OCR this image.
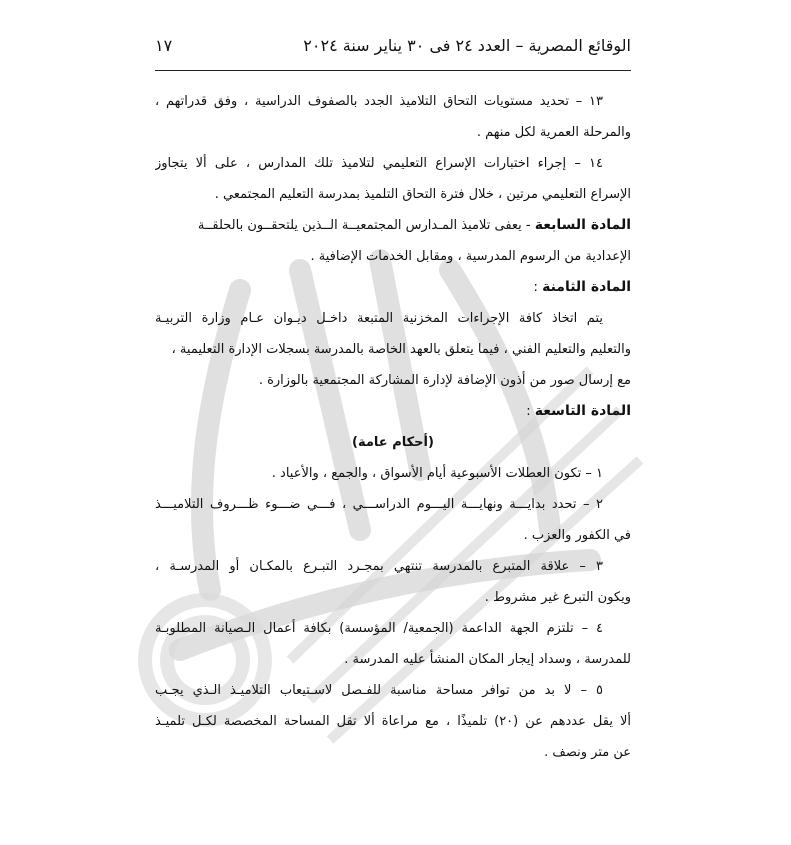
الوقائع المصرية – العدد ٢٤ فى ٣٠ يناير سنة ٢٠٢٤
١٧
١٣ – تحديد مستويات التحاق التلاميذ الجدد بالصفوف الدراسية ، وفق قدراتهم ،
والمرحلة العمرية لكل منهم .
١٤ – إجراء اختبارات الإسراع التعليمي لتلاميذ تلك المدارس ، على ألا يتجاوز
الإسراع التعليمي مرتين ، خلال فترة التحاق التلميذ بمدرسة التعليم المجتمعي .
المادة السابعة - يعفى تلاميذ المـدارس المجتمعيــة الــذين يلتحقــون بالحلقــة
الإعدادية من الرسوم المدرسية ، ومقابل الخدمات الإضافية .
المادة الثامنة :
يتم اتخاذ كافة الإجراءات المخزنية المتبعة داخـل ديـوان عـام وزارة التربيـة
والتعليم والتعليم الفني ، فيما يتعلق بالعهد الخاصة بالمدرسة بسجلات الإدارة التعليمية ،
مع إرسال صور من أذون الإضافة لإدارة المشاركة المجتمعية بالوزارة .
المادة التاسعة :
(أحكام عامة)
١ – تكون العطلات الأسبوعية أيام الأسواق ، والجمع ، والأعياد .
٢ – تحدد بدايـــة ونهايـــة اليـــوم الدراســـي ، فـــي ضـــوء ظـــروف التلاميـــذ
في الكفور والعزب .
٣ – علاقة المتبرع بالمدرسة تنتهي بمجـرد التبـرع بالمكـان أو المدرسـة ،
ويكون التبرع غير مشروط .
٤ – تلتزم الجهة الداعمة (الجمعية/ المؤسسة) بكافة أعمال الـصيانة المطلوبـة
للمدرسة ، وسداد إيجار المكان المنشأ عليه المدرسة .
٥ – لا بد من توافر مساحة مناسبة للفـصل لاسـتيعاب التلاميـذ الـذي يجـب
ألا يقل عددهم عن (٢٠) تلميذًا ، مع مراعاة ألا تقل المساحة المخصصة لكـل تلميـذ
عن متر ونصف .
